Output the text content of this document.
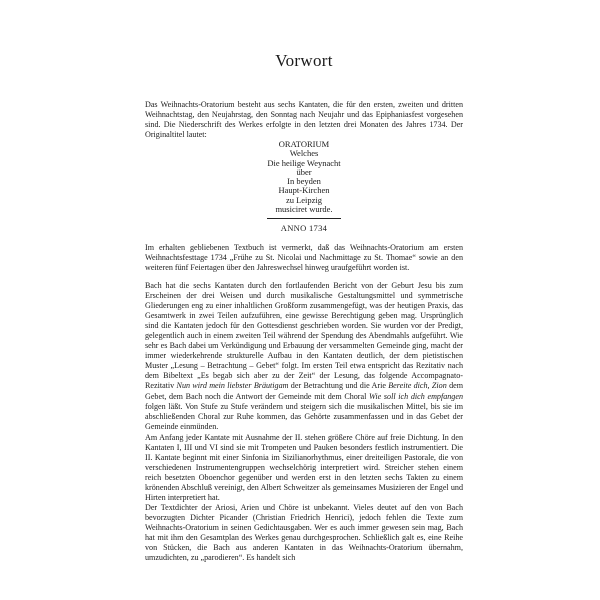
Vorwort

Das Weihnachts-Oratorium besteht aus sechs Kantaten, die für den ersten, zweiten und dritten Weihnachtstag, den Neujahrstag, den Sonntag nach Neujahr und das Epiphaniasfest vorgesehen sind. Die Niederschrift des Werkes erfolgte in den letzten drei Monaten des Jahres 1734. Der Originaltitel lautet:

ORATORIUM
Welches
Die heilige Weynacht
über
In beyden
Haupt-Kirchen
zu Leipzig
musiciret wurde.
ANNO 1734

Im erhalten gebliebenen Textbuch ist vermerkt, daß das Weihnachts-Oratorium am ersten Weihnachtsfesttage 1734 „Frühe zu St. Nicolai und Nachmittage zu St. Thomae“ sowie an den weiteren fünf Feiertagen über den Jahreswechsel hinweg uraufgeführt worden ist.

Bach hat die sechs Kantaten durch den fortlaufenden Bericht von der Geburt Jesu bis zum Erscheinen der drei Weisen und durch musikalische Gestaltungsmittel und symmetrische Gliederungen eng zu einer inhaltlichen Großform zusammengefügt, was der heutigen Praxis, das Gesamtwerk in zwei Teilen aufzuführen, eine gewisse Berechtigung geben mag. Ursprünglich sind die Kantaten jedoch für den Gottesdienst geschrieben worden. Sie wurden vor der Predigt, gelegentlich auch in einem zweiten Teil während der Spendung des Abendmahls aufgeführt. Wie sehr es Bach dabei um Verkündigung und Erbauung der versammelten Gemeinde ging, macht der immer wiederkehrende strukturelle Aufbau in den Kantaten deutlich, der dem pietistischen Muster „Lesung – Betrachtung – Gebet“ folgt. Im ersten Teil etwa entspricht das Rezitativ nach dem Bibeltext „Es begab sich aber zu der Zeit“ der Lesung, das folgende Accompagnato-Rezitativ Nun wird mein liebster Bräutigam der Betrachtung und die Arie Bereite dich, Zion dem Gebet, dem Bach noch die Antwort der Gemeinde mit dem Choral Wie soll ich dich empfangen folgen läßt. Von Stufe zu Stufe verändern und steigern sich die musikalischen Mittel, bis sie im abschließenden Choral zur Ruhe kommen, das Gehörte zusammenfassen und in das Gebet der Gemeinde einmünden.

Am Anfang jeder Kantate mit Ausnahme der II. stehen größere Chöre auf freie Dichtung. In den Kantaten I, III und VI sind sie mit Trompeten und Pauken besonders festlich instrumentiert. Die II. Kantate beginnt mit einer Sinfonia im Sizilianorhythmus, einer dreiteiligen Pastorale, die von verschiedenen Instrumentengruppen wechselchörig interpretiert wird. Streicher stehen einem reich besetzten Oboenchor gegenüber und werden erst in den letzten sechs Takten zu einem krönenden Abschluß vereinigt, den Albert Schweitzer als gemeinsames Musizieren der Engel und Hirten interpretiert hat.

Der Textdichter der Ariosi, Arien und Chöre ist unbekannt. Vieles deutet auf den von Bach bevorzugten Dichter Picander (Christian Friedrich Henrici), jedoch fehlen die Texte zum Weihnachts-Oratorium in seinen Gedichtausgaben. Wer es auch immer gewesen sein mag, Bach hat mit ihm den Gesamtplan des Werkes genau durchgesprochen. Schließlich galt es, eine Reihe von Stücken, die Bach aus anderen Kantaten in das Weihnachts-Oratorium übernahm, umzudichten, zu „parodieren“. Es handelt sich
